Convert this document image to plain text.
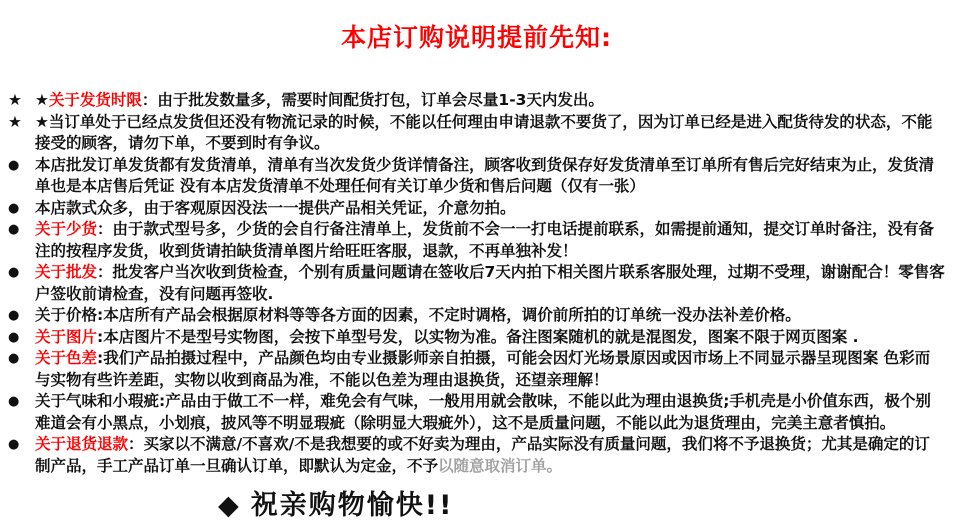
本店订购说明提前先知:
★ ★关于发货时限：由于批发数量多，需要时间配货打包，订单会尽量1-3天内发出。
★ ★当订单处于已经点发货但还没有物流记录的时候，不能以任何理由申请退款不要货了，因为订单已经是进入配货待发的状态，不能接受的顾客，请勿下单，不要到时有争议。
●	本店批发订单发货都有发货清单，清单有当次发货少货详情备注，顾客收到货保存好发货清单至订单所有售后完好结束为止，发货清单也是本店售后凭证 没有本店发货清单不处理任何有关订单少货和售后问题（仅有一张）
●	本店款式众多，由于客观原因没法一一提供产品相关凭证，介意勿拍。
●	关于少货：由于款式型号多，少货的会自行备注清单上，发货前不会一一打电话提前联系，如需提前通知，提交订单时备注，没有备注的按程序发货，收到货请拍缺货清单图片给旺旺客服，退款，不再单独补发！
●	关于批发：批发客户当次收到货检查，个别有质量问题请在签收后7天内拍下相关图片联系客服处理，过期不受理，谢谢配合！零售客户签收前请检查，没有问题再签收.
●	关于价格:本店所有产品会根据原材料等等各方面的因素，不定时调格，调价前所拍的订单统一没办法补差价格。
●	关于图片:本店图片不是型号实物图，会按下单型号发，以实物为准。备注图案随机的就是混图发，图案不限于网页图案 .
●	关于色差:我们产品拍摄过程中，产品颜色均由专业摄影师亲自拍摄，可能会因灯光场景原因或因市场上不同显示器呈现图案 色彩而与实物有些许差距，实物以收到商品为准，不能以色差为理由退换货，还望亲理解！
●	关于气味和小瑕疵:产品由于做工不一样，难免会有气味，一般用用就会散味，不能以此为理由退换货;手机壳是小价值东西，极个别难道会有小黑点，小划痕，披风等不明显瑕疵（除明显大瑕疵外），这不是质量问题，不能以此为退货理由，完美主意者慎拍。
●	关于退货退款：买家以不满意/不喜欢/不是我想要的或不好卖为理由，产品实际没有质量问题，我们将不予退换货；尤其是确定的订制产品，手工产品订单一旦确认订单，即默认为定金，不予以随意取消订单。
◆ 祝亲购物愉快!!
